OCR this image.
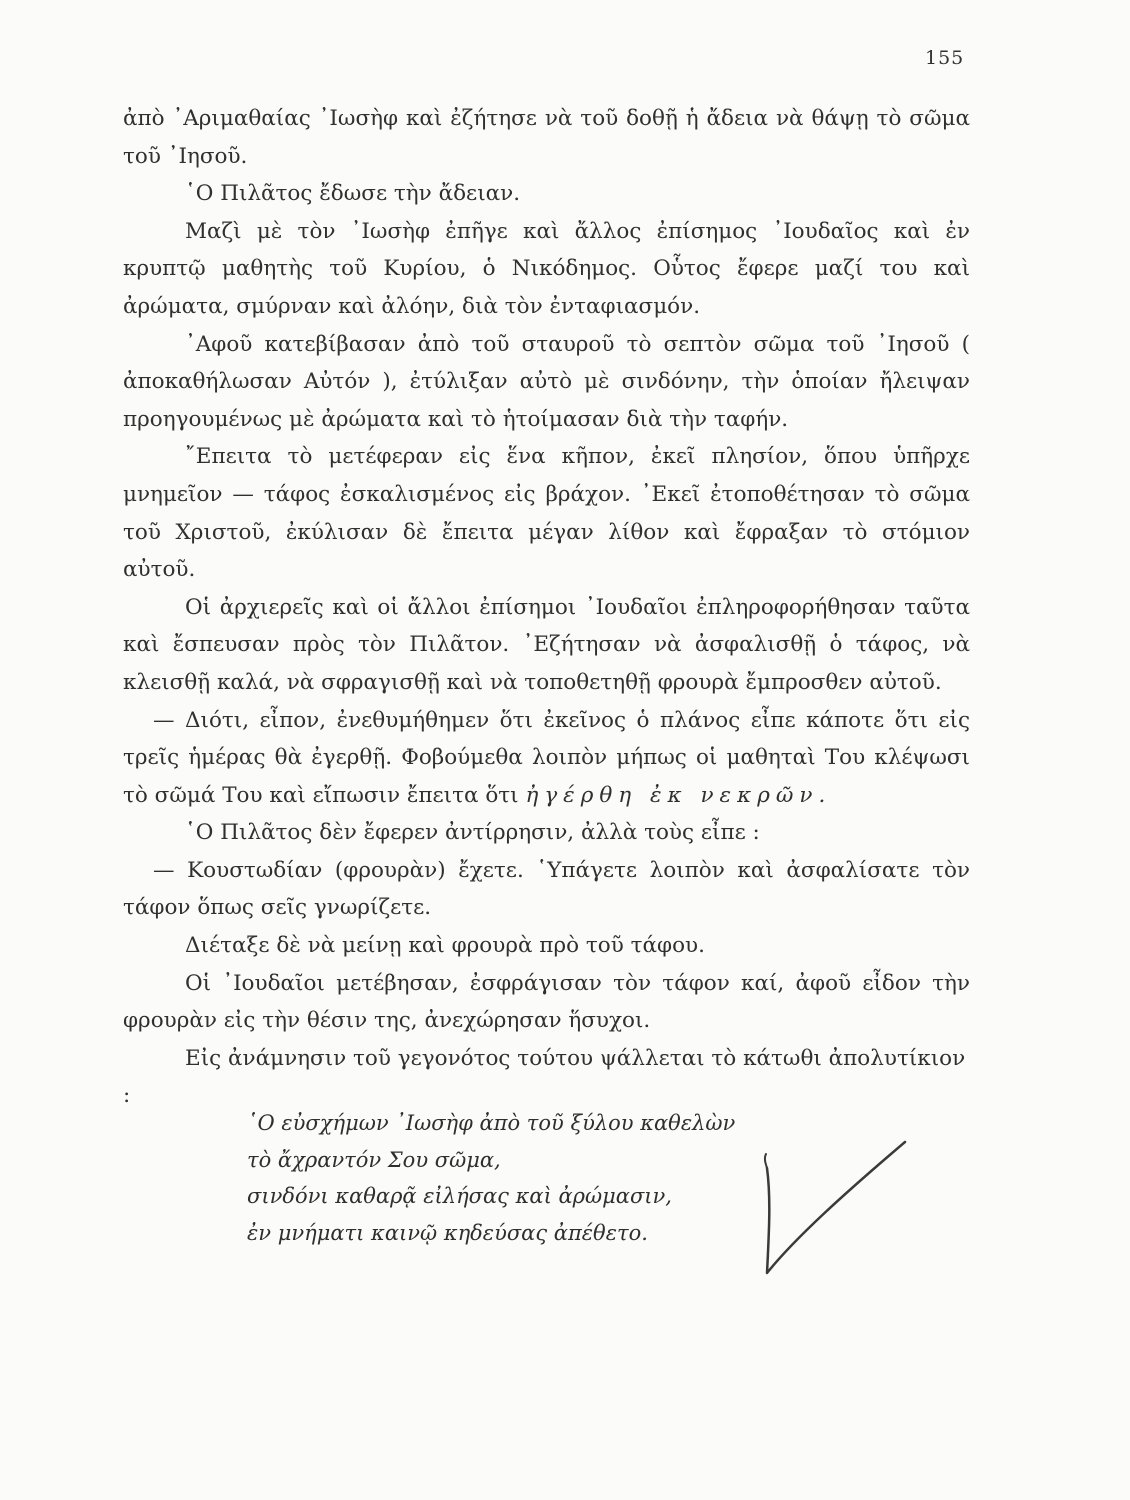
155

ἀπὸ ᾿Αριμαθαίας ᾿Ιωσὴφ καὶ ἐζήτησε νὰ τοῦ δοθῇ ἡ ἄδεια νὰ θάψῃ τὸ σῶμα τοῦ ᾿Ιησοῦ.

῾Ο Πιλᾶτος ἔδωσε τὴν ἄδειαν.

Μαζὶ μὲ τὸν ᾿Ιωσὴφ ἐπῆγε καὶ ἄλλος ἐπίσημος ᾿Ιουδαῖος καὶ ἐν κρυπτῷ μαθητὴς τοῦ Κυρίου, ὁ Νικόδημος. Οὗτος ἔφερε μαζί του καὶ ἀρώματα, σμύρναν καὶ ἀλόην, διὰ τὸν ἐνταφιασμόν.

᾿Αφοῦ κατεβίβασαν ἀπὸ τοῦ σταυροῦ τὸ σεπτὸν σῶμα τοῦ ᾿Ιησοῦ ( ἀποκαθήλωσαν Αὐτόν ), ἐτύλιξαν αὐτὸ μὲ σινδόνην, τὴν ὁποίαν ἤλειψαν προηγουμένως μὲ ἀρώματα καὶ τὸ ἡτοίμασαν διὰ τὴν ταφήν.

῎Επειτα τὸ μετέφεραν εἰς ἕνα κῆπον, ἐκεῖ πλησίον, ὅπου ὑπῆρχε μνημεῖον — τάφος ἐσκαλισμένος εἰς βράχον. ᾿Εκεῖ ἐτοποθέτησαν τὸ σῶμα τοῦ Χριστοῦ, ἐκύλισαν δὲ ἔπειτα μέγαν λίθον καὶ ἔφραξαν τὸ στόμιον αὐτοῦ.

Οἱ ἀρχιερεῖς καὶ οἱ ἄλλοι ἐπίσημοι ᾿Ιουδαῖοι ἐπληροφορήθησαν ταῦτα καὶ ἔσπευσαν πρὸς τὸν Πιλᾶτον. ᾿Εζήτησαν νὰ ἀσφαλισθῇ ὁ τάφος, νὰ κλεισθῇ καλά, νὰ σφραγισθῇ καὶ νὰ τοποθετηθῇ φρουρὰ ἔμπροσθεν αὐτοῦ.

— Διότι, εἶπον, ἐνεθυμήθημεν ὅτι ἐκεῖνος ὁ πλάνος εἶπε κάποτε ὅτι εἰς τρεῖς ἡμέρας θὰ ἐγερθῇ. Φοβούμεθα λοιπὸν μήπως οἱ μαθηταὶ Του κλέψωσι τὸ σῶμά Του καὶ εἴπωσιν ἔπειτα ὅτι ἠγέρθη ἐκ νεκρῶν.

῾Ο Πιλᾶτος δὲν ἔφερεν ἀντίρρησιν, ἀλλὰ τοὺς εἶπε :

— Κουστωδίαν (φρουρὰν) ἔχετε. ῾Υπάγετε λοιπὸν καὶ ἀσφαλίσατε τὸν τάφον ὅπως σεῖς γνωρίζετε.

Διέταξε δὲ νὰ μείνῃ καὶ φρουρὰ πρὸ τοῦ τάφου.

Οἱ ᾿Ιουδαῖοι μετέβησαν, ἐσφράγισαν τὸν τάφον καί, ἀφοῦ εἶδον τὴν φρουρὰν εἰς τὴν θέσιν της, ἀνεχώρησαν ἥσυχοι.

Εἰς ἀνάμνησιν τοῦ γεγονότος τούτου ψάλλεται τὸ κάτωθι ἀπολυτίκιον :

῾Ο εὐσχήμων ᾿Ιωσὴφ ἀπὸ τοῦ ξύλου καθελὼν
τὸ ἄχραντόν Σου σῶμα,
σινδόνι καθαρᾷ εἰλήσας καὶ ἀρώμασιν,
ἐν μνήματι καινῷ κηδεύσας ἀπέθετο.
